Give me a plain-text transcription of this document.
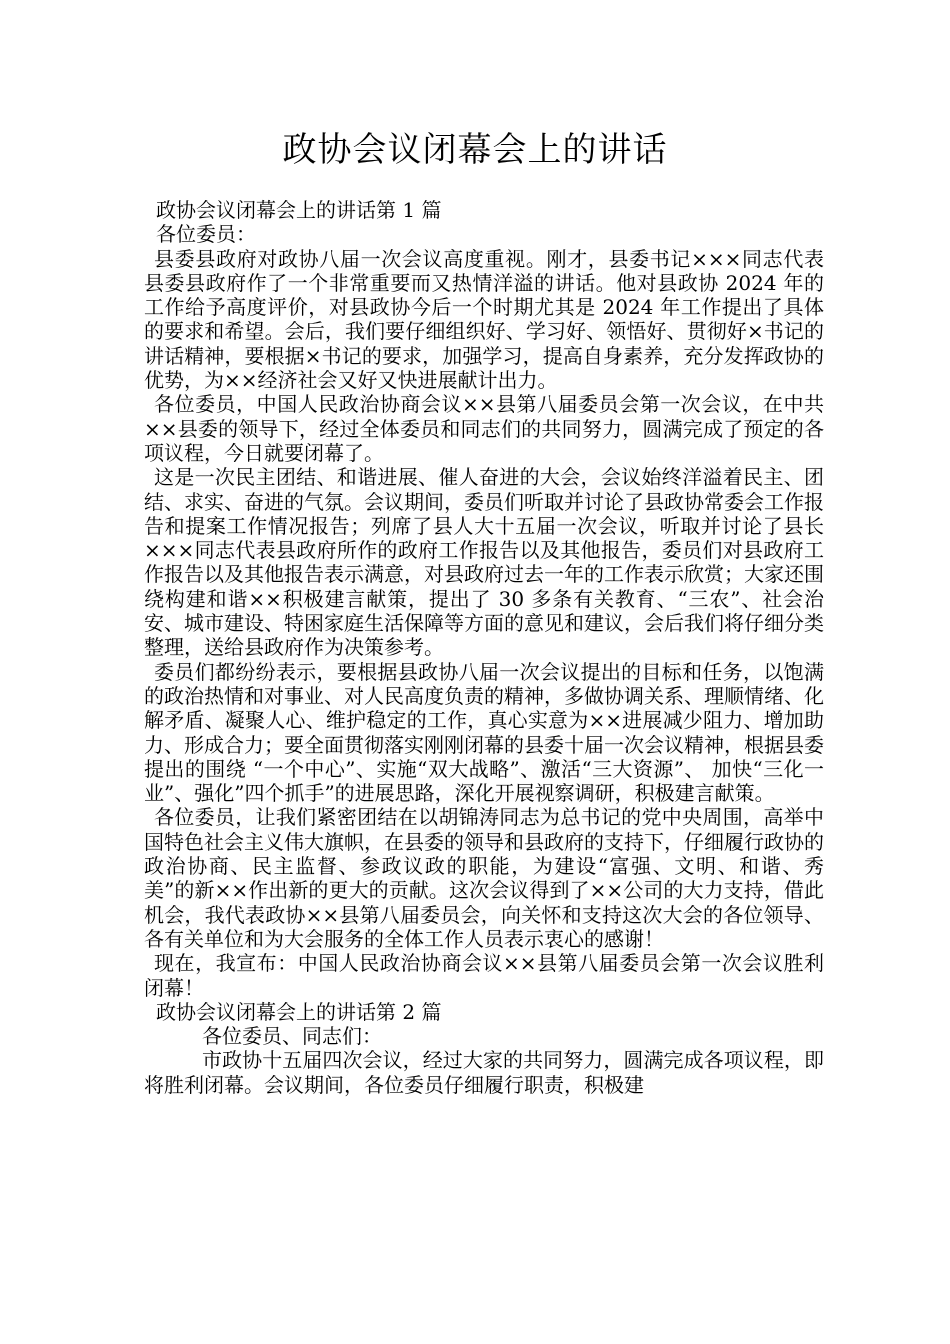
政协会议闭幕会上的讲话

政协会议闭幕会上的讲话第 1 篇

各位委员：

县委县政府对政协八届一次会议高度重视。刚才，县委书记×××同志代表县委县政府作了一个非常重要而又热情洋溢的讲话。他对县政协 2024 年的工作给予高度评价，对县政协今后一个时期尤其是 2024 年工作提出了具体的要求和希望。会后，我们要仔细组织好、学习好、领悟好、贯彻好×书记的讲话精神，要根据×书记的要求，加强学习，提高自身素养，充分发挥政协的优势，为××经济社会又好又快进展献计出力。

各位委员，中国人民政治协商会议××县第八届委员会第一次会议，在中共××县委的领导下，经过全体委员和同志们的共同努力，圆满完成了预定的各项议程，今日就要闭幕了。

这是一次民主团结、和谐进展、催人奋进的大会，会议始终洋溢着民主、团结、求实、奋进的气氛。会议期间，委员们听取并讨论了县政协常委会工作报告和提案工作情况报告；列席了县人大十五届一次会议，听取并讨论了县长×××同志代表县政府所作的政府工作报告以及其他报告，委员们对县政府工作报告以及其他报告表示满意，对县政府过去一年的工作表示欣赏；大家还围绕构建和谐××积极建言献策，提出了 30 多条有关教育、“三农”、社会治安、城市建设、特困家庭生活保障等方面的意见和建议，会后我们将仔细分类整理，送给县政府作为决策参考。

委员们都纷纷表示，要根据县政协八届一次会议提出的目标和任务，以饱满的政治热情和对事业、对人民高度负责的精神，多做协调关系、理顺情绪、化解矛盾、凝聚人心、维护稳定的工作，真心实意为××进展减少阻力、增加助力、形成合力；要全面贯彻落实刚刚闭幕的县委十届一次会议精神，根据县委提出的围绕 “一个中心”、实施“双大战略”、激活“三大资源”、 加快“三化一业”、强化”四个抓手”的进展思路，深化开展视察调研，积极建言献策。

各位委员，让我们紧密团结在以胡锦涛同志为总书记的党中央周围，高举中国特色社会主义伟大旗帜，在县委的领导和县政府的支持下，仔细履行政协的政治协商、民主监督、参政议政的职能，为建设“富强、文明、和谐、秀美”的新××作出新的更大的贡献。这次会议得到了××公司的大力支持，借此机会，我代表政协××县第八届委员会，向关怀和支持这次大会的各位领导、各有关单位和为大会服务的全体工作人员表示衷心的感谢！

现在，我宣布：中国人民政治协商会议××县第八届委员会第一次会议胜利闭幕！

政协会议闭幕会上的讲话第 2 篇

各位委员、同志们：

市政协十五届四次会议，经过大家的共同努力，圆满完成各项议程，即将胜利闭幕。会议期间，各位委员仔细履行职责，积极建
